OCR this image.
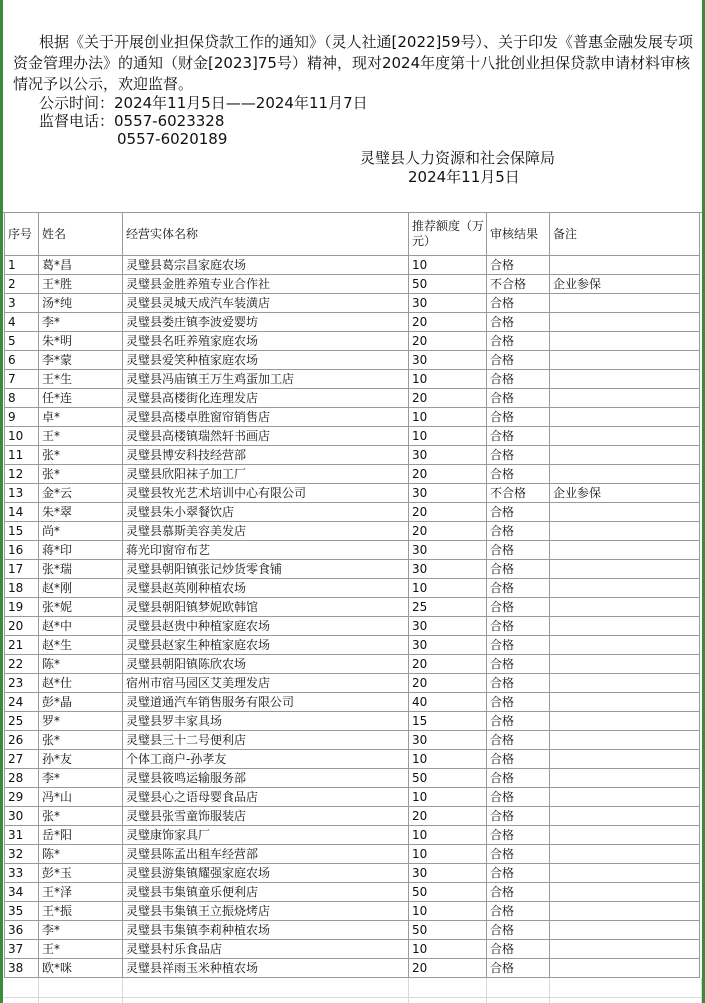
根据《关于开展创业担保贷款工作的通知》（灵人社通[2022]59号）、关于印发《普惠金融发展专项资金管理办法》的通知（财金[2023]75号）精神，现对2024年度第十八批创业担保贷款申请材料审核情况予以公示，欢迎监督。
公示时间：2024年11月5日——2024年11月7日
监督电话：0557-6023328
0557-6020189
灵璧县人力资源和社会保障局
2024年11月5日
序号	姓名	经营实体名称	推荐额度（万元）	审核结果	备注
1	葛*昌	灵璧县葛宗昌家庭农场	10	合格	
2	王*胜	灵璧县金胜养殖专业合作社	50	不合格	企业参保
3	汤*纯	灵璧县灵城天成汽车装潢店	30	合格	
4	李*	灵璧县娄庄镇李波爱婴坊	20	合格	
5	朱*明	灵璧县名旺养殖家庭农场	20	合格	
6	李*蒙	灵璧县爱笑种植家庭农场	30	合格	
7	王*生	灵璧县冯庙镇王万生鸡蛋加工店	10	合格	
8	任*连	灵璧县高楼街化连理发店	20	合格	
9	卓*	灵璧县高楼卓胜窗帘销售店	10	合格	
10	王*	灵璧县高楼镇瑞然轩书画店	10	合格	
11	张*	灵璧县博安科技经营部	30	合格	
12	张*	灵璧县欣阳袜子加工厂	20	合格	
13	金*云	灵璧县牧光艺术培训中心有限公司	30	不合格	企业参保
14	朱*翠	灵璧县朱小翠餐饮店	20	合格	
15	尚*	灵璧县慕斯美容美发店	20	合格	
16	蒋*印	蒋光印窗帘布艺	30	合格	
17	张*瑞	灵璧县朝阳镇张记炒货零食铺	30	合格	
18	赵*刚	灵璧县赵英刚种植农场	10	合格	
19	张*妮	灵璧县朝阳镇梦妮欧韩馆	25	合格	
20	赵*中	灵璧县赵贵中种植家庭农场	30	合格	
21	赵*生	灵璧县赵家生种植家庭农场	30	合格	
22	陈*	灵璧县朝阳镇陈欣农场	20	合格	
23	赵*仕	宿州市宿马园区艾美理发店	20	合格	
24	彭*晶	灵璧道通汽车销售服务有限公司	40	合格	
25	罗*	灵璧县罗丰家具场	15	合格	
26	张*	灵璧县三十二号便利店	30	合格	
27	孙*友	个体工商户-孙孝友	10	合格	
28	李*	灵璧县筱鸣运输服务部	50	合格	
29	冯*山	灵璧县心之语母婴食品店	10	合格	
30	张*	灵璧县张雪童饰服装店	20	合格	
31	岳*阳	灵璧康饰家具厂	10	合格	
32	陈*	灵璧县陈孟出租车经营部	10	合格	
33	彭*玉	灵璧县游集镇耀强家庭农场	30	合格	
34	王*泽	灵璧县韦集镇童乐便利店	50	合格	
35	王*振	灵璧县韦集镇王立振烧烤店	10	合格	
36	李*	灵璧县韦集镇李莉种植农场	50	合格	
37	王*	灵璧县村乐食品店	10	合格	
38	欧*咪	灵璧县祥雨玉米种植农场	20	合格	
